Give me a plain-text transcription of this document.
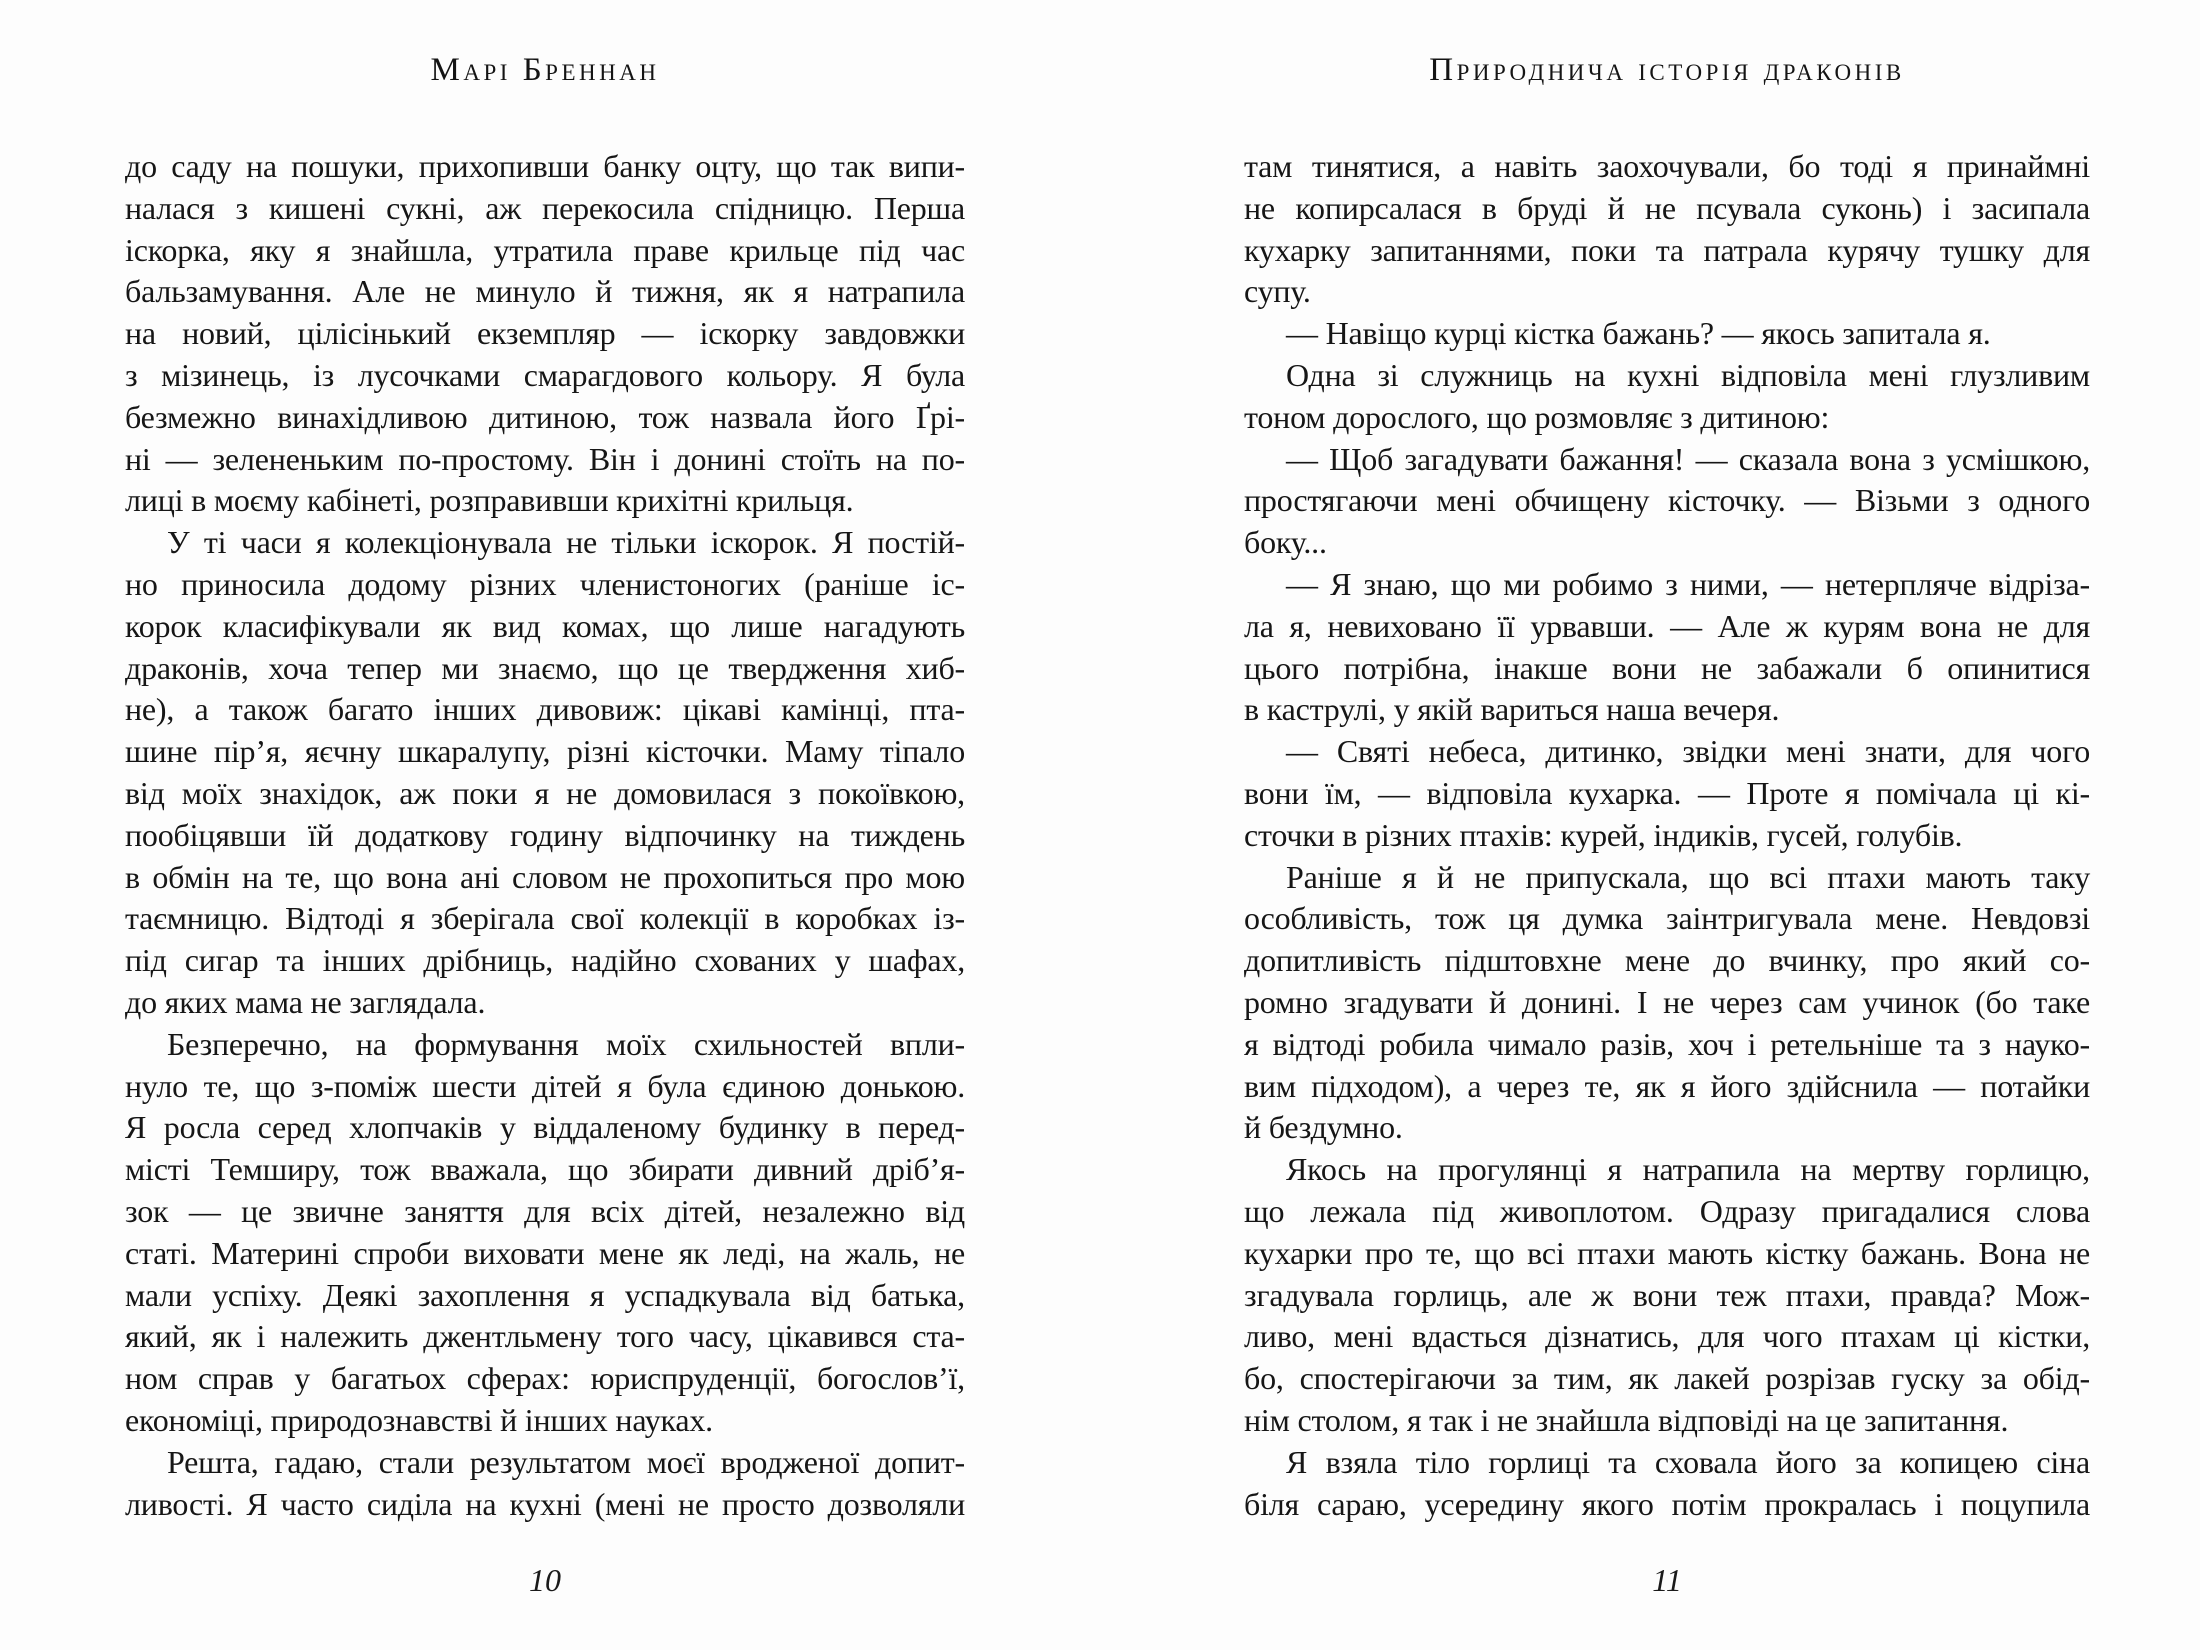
Марі Бреннан
до саду на пошуки, прихопивши банку оцту, що так випи-
налася з кишені сукні, аж перекосила спідницю. Перша
іскорка, яку я знайшла, утратила праве крильце під час
бальзамування. Але не минуло й тижня, як я натрапила
на новий, цілісінький екземпляр — іскорку завдовжки
з мізинець, із лусочками смарагдового кольору. Я була
безмежно винахідливою дитиною, тож назвала його Ґрі-
ні — зелененьким по-простому. Він і донині стоїть на по-
лиці в моєму кабінеті, розправивши крихітні крильця.
У ті часи я колекціонувала не тільки іскорок. Я постій-
но приносила додому різних членистоногих (раніше іс-
корок класифікували як вид комах, що лише нагадують
драконів, хоча тепер ми знаємо, що це твердження хиб-
не), а також багато інших дивовиж: цікаві камінці, пта-
шине пір’я, яєчну шкаралупу, різні кісточки. Маму тіпало
від моїх знахідок, аж поки я не домовилася з покоївкою,
пообіцявши їй додаткову годину відпочинку на тиждень
в обмін на те, що вона ані словом не прохопиться про мою
таємницю. Відтоді я зберігала свої колекції в коробках із-
під сигар та інших дрібниць, надійно схованих у шафах,
до яких мама не заглядала.
Безперечно, на формування моїх схильностей впли-
нуло те, що з-поміж шести дітей я була єдиною донькою.
Я росла серед хлопчаків у віддаленому будинку в перед-
місті Темширу, тож вважала, що збирати дивний дріб’я-
зок — це звичне заняття для всіх дітей, незалежно від
статі. Материні спроби виховати мене як леді, на жаль, не
мали успіху. Деякі захоплення я успадкувала від батька,
який, як і належить джентльмену того часу, цікавився ста-
ном справ у багатьох сферах: юриспруденції, богослов’ї,
економіці, природознавстві й інших науках.
Решта, гадаю, стали результатом моєї вродженої допит-
ливості. Я часто сиділа на кухні (мені не просто дозволяли
10
Природнича історія драконів
там тинятися, а навіть заохочували, бо тоді я принаймні
не копирсалася в бруді й не псувала суконь) і засипала
кухарку запитаннями, поки та патрала курячу тушку для
супу.
— Навіщо курці кістка бажань? — якось запитала я.
Одна зі служниць на кухні відповіла мені глузливим
тоном дорослого, що розмовляє з дитиною:
— Щоб загадувати бажання! — сказала вона з усмішкою,
простягаючи мені обчищену кісточку. — Візьми з одного
боку...
— Я знаю, що ми робимо з ними, — нетерпляче відріза-
ла я, невиховано її урвавши. — Але ж курям вона не для
цього потрібна, інакше вони не забажали б опинитися
в каструлі, у якій вариться наша вечеря.
— Святі небеса, дитинко, звідки мені знати, для чого
вони їм, — відповіла кухарка. — Проте я помічала ці кі-
сточки в різних птахів: курей, індиків, гусей, голубів.
Раніше я й не припускала, що всі птахи мають таку
особливість, тож ця думка заінтригувала мене. Невдовзі
допитливість підштовхне мене до вчинку, про який со-
ромно згадувати й донині. І не через сам учинок (бо таке
я відтоді робила чимало разів, хоч і ретельніше та з науко-
вим підходом), а через те, як я його здійснила — потайки
й бездумно.
Якось на прогулянці я натрапила на мертву горлицю,
що лежала під живоплотом. Одразу пригадалися слова
кухарки про те, що всі птахи мають кістку бажань. Вона не
згадувала горлиць, але ж вони теж птахи, правда? Мож-
ливо, мені вдасться дізнатись, для чого птахам ці кістки,
бо, спостерігаючи за тим, як лакей розрізав гуску за обід-
нім столом, я так і не знайшла відповіді на це запитання.
Я взяла тіло горлиці та сховала його за копицею сіна
біля сараю, усередину якого потім прокралась і поцупила
11
